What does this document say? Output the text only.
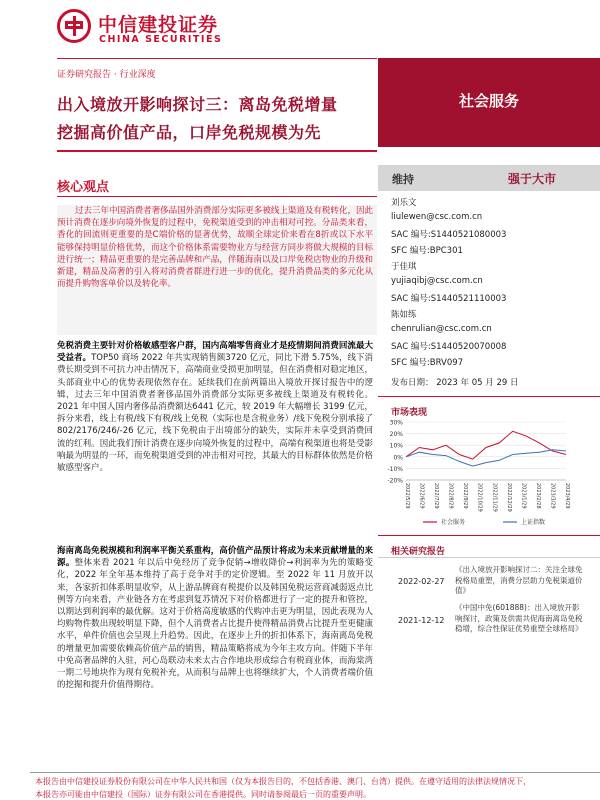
中信建投证券
CHINA SECURITIES
证券研究报告 · 行业深度
出入境放开影响探讨三：离岛免税增量
挖掘高价值产品，口岸免税规模为先
社会服务
维持	强于大市
刘乐文
liulewen@csc.com.cn
SAC 编号:S1440521080003
SFC 编号:BPC301
于佳琪
yujiaqibj@csc.com.cn
SAC 编号:S1440521110003
陈如练
chenrulian@csc.com.cn
SAC 编号:S1440520070008
SFC 编号:BRV097
发布日期： 2023 年 05 月 29 日
市场表现
30%
20%
10%
0%
-10%
-20%
2022/5/29 2022/6/29 2022/7/29 2022/8/29 2022/9/29 2022/10/29 2022/11/29 2022/12/29 2023/1/29 2023/2/28 2023/3/29 2023/4/29
社会服务	上证指数
相关研究报告
2022-02-27
《出入境放开影响探讨二：关注全球免税格局重塑，消费分层助力免税渠道价值》
2021-12-12
《中国中免(601888)：出入境放开影响探讨，政策及供需共促海南离岛免税稳增，综合性保证优势重塑全球格局》
核心观点
过去三年中国消费者奢侈品国外消费部分实际更多被线上渠道及有税转化，因此预计消费在逐步向境外恢复的过程中，免税渠道受到的冲击相对可控。分品类来看，香化的回流则更重要的是C端价格的显著优势，故顺全球定价来看在8折或以下水平能够保持明显价格优势，而这个价格体系需要物业方与经营方同步将做大规模的目标进行统一；精品更重要的是完善品牌和产品，伴随海南以及口岸免税店物业的升级和新建，精品及高奢的引入将对消费者群进行进一步的优化，提升消费品类的多元化从而提升购物客单价以及转化率。
免税消费主要针对价格敏感型客户群，国内高端零售商业才是疫情期间消费回流最大受益者。TOP50 商场 2022 年共实现销售额3720 亿元，同比下滑 5.75%，线下消费长期受到不可抗力冲击情况下，高端商业受损更加明显，但在消费相对稳定地区，头部商业中心的优势表现依然存在。延续我们在前两篇出入境放开探讨报告中的逻辑，过去三年中国消费者奢侈品国外消费部分实际更多被线上渠道及有税转化。2021 年中国人国内奢侈品消费额达6441 亿元，较 2019 年大幅增长 3199 亿元，拆分来看，线上有税/线下有税/线上免税（实际也是含税业务）/线下免税分别承接了 802/2176/246/-26 亿元，线下免税由于出境部分的缺失，实际并未享受到消费回流的红利。因此我们预计消费在逐步向境外恢复的过程中，高端有税渠道也将是受影响最为明显的一环，而免税渠道受到的冲击相对可控，其最大的目标群体依然是价格敏感型客户。
海南离岛免税规模和利润率平衡关系重构，高价值产品预计将成为未来贡献增量的来源。整体来看 2021 年以后中免经历了竞争促销→增收降价→利润率为先的策略变化，2022 年全年基本维持了高于竞争对手的定价逻辑。至 2022 年 11 月放开以来，各家折扣体系明显收窄，从上游品牌商有税提价以及韩国免税运营商减弱返点比例等方向来看，产业链各方在考虑到复苏情况下对价格都进行了一定的提升和管控，以期达到利润率的最优解。这对于价格高度敏感的代购冲击更为明显，因此表现为人均购物件数出现较明显下降，但个人消费者占比提升使得精品消费占比提升至更健康水平，单件价值也会呈现上升趋势。因此，在逐步上升的折扣体系下，海南离岛免税的增量更加需要依赖高价值产品的销售，精品策略将成为今年主攻方向。伴随下半年中免高奢品牌的入驻，河心岛联动未来太古合作地块形成综合有税商业体，而海棠湾一期二号地块作为现有免税补充，从而积与品牌上也将继续扩大，个人消费者端价值的挖掘和提升价值得期待。
本报告由中信建投证券股份有限公司在中华人民共和国（仅为本报告目的，不包括香港、澳门、台湾）提供。在遵守适用的法律法规情况下，
本报告亦可能由中信建投（国际）证券有限公司在香港提供。同时请参阅最后一页的重要声明。
